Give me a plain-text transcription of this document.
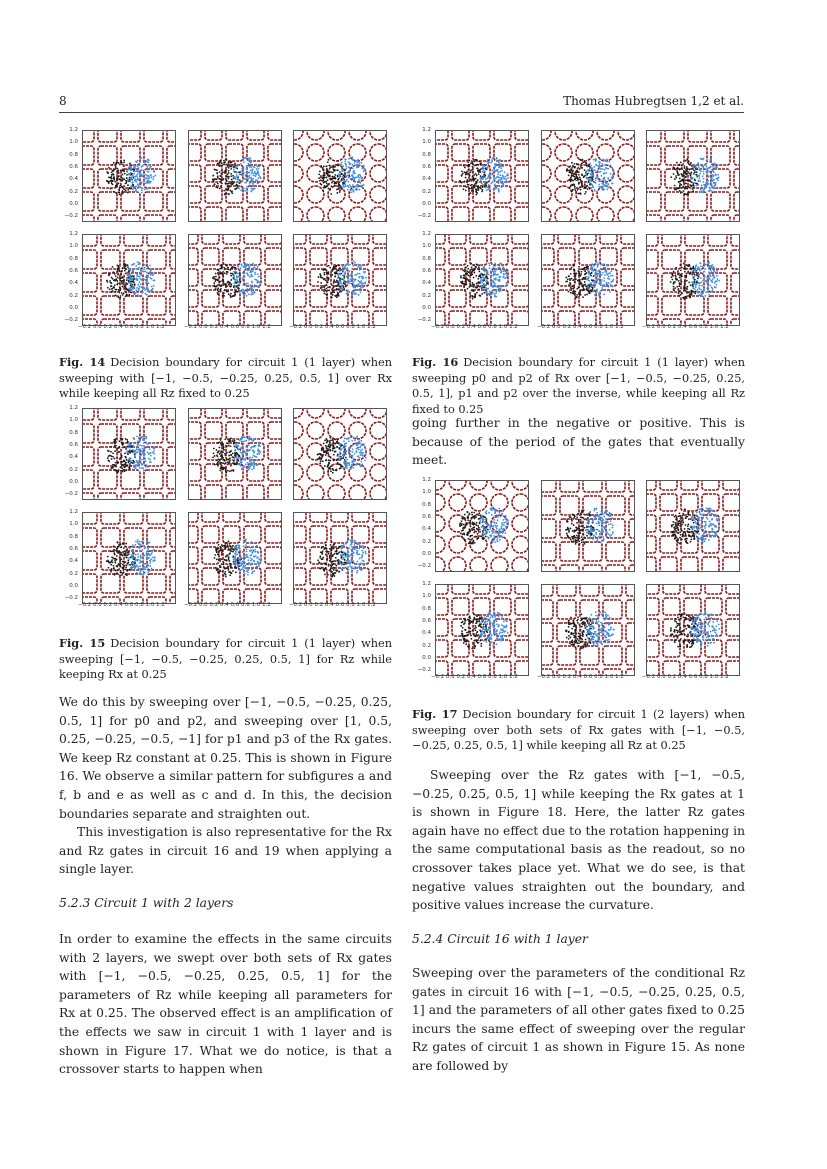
8	Thomas Hubregtsen 1,2 et al.
1.2
1.0
0.8
0.6
0.4
0.2
0.0
−0.2
1.2
1.0
0.8
0.6
0.4
0.2
0.0
−0.2
−0.2 0.0 0.2 0.4 0.6 0.8 1.0 1.2	−0.2 0.0 0.2 0.4 0.6 0.8 1.0 1.2	−0.2 0.0 0.2 0.4 0.6 0.8 1.0 1.2
1.2
1.0
0.8
0.6
0.4
0.2
0.0
−0.2
1.2
1.0
0.8
0.6
0.4
0.2
0.0
−0.2
−0.2 0.0 0.2 0.4 0.6 0.8 1.0 1.2	−0.2 0.0 0.2 0.4 0.6 0.8 1.0 1.2	−0.2 0.0 0.2 0.4 0.6 0.8 1.0 1.2
1.2
1.0
0.8
0.6
0.4
0.2
0.0
−0.2
1.2
1.0
0.8
0.6
0.4
0.2
0.0
−0.2
−0.2 0.0 0.2 0.4 0.6 0.8 1.0 1.2	−0.2 0.0 0.2 0.4 0.6 0.8 1.0 1.2	−0.2 0.0 0.2 0.4 0.6 0.8 1.0 1.2
1.2
1.0
0.8
0.6
0.4
0.2
0.0
−0.2
1.2
1.0
0.8
0.6
0.4
0.2
0.0
−0.2
−0.2 0.0 0.2 0.4 0.6 0.8 1.0 1.2	−0.2 0.0 0.2 0.4 0.6 0.8 1.0 1.2	−0.2 0.0 0.2 0.4 0.6 0.8 1.0 1.2
Fig. 14 Decision boundary for circuit 1 (1 layer) when sweeping with [−1, −0.5, −0.25, 0.25, 0.5, 1] over Rx while keeping all Rz fixed to 0.25
Fig. 16 Decision boundary for circuit 1 (1 layer) when sweeping p0 and p2 of Rx over [−1, −0.5, −0.25, 0.25, 0.5, 1], p1 and p2 over the inverse, while keeping all Rz fixed to 0.25
Fig. 15 Decision boundary for circuit 1 (1 layer) when sweeping [−1, −0.5, −0.25, 0.25, 0.5, 1] for Rz while keeping Rx at 0.25
Fig. 17 Decision boundary for circuit 1 (2 layers) when sweeping over both sets of Rx gates with [−1, −0.5, −0.25, 0.25, 0.5, 1] while keeping all Rz at 0.25

We do this by sweeping over [−1, −0.5, −0.25, 0.25, 0.5, 1] for p0 and p2, and sweeping over [1, 0.5, 0.25, −0.25, −0.5, −1] for p1 and p3 of the Rx gates. We keep Rz constant at 0.25. This is shown in Figure 16. We observe a similar pattern for subfigures a and f, b and e as well as c and d. In this, the decision boundaries separate and straighten out.

This investigation is also representative for the Rx and Rz gates in circuit 16 and 19 when applying a single layer.

5.2.3 Circuit 1 with 2 layers

In order to examine the effects in the same circuits with 2 layers, we swept over both sets of Rx gates with [−1, −0.5, −0.25, 0.25, 0.5, 1] for the parameters of Rz while keeping all parameters for Rx at 0.25. The observed effect is an amplification of the effects we saw in circuit 1 with 1 layer and is shown in Figure 17. What we do notice, is that a crossover starts to happen when

going further in the negative or positive. This is because of the period of the gates that eventually meet.

Sweeping over the Rz gates with [−1, −0.5, −0.25, 0.25, 0.5, 1] while keeping the Rx gates at 1 is shown in Figure 18. Here, the latter Rz gates again have no effect due to the rotation happening in the same computational basis as the readout, so no crossover takes place yet. What we do see, is that negative values straighten out the boundary, and positive values increase the curvature.

5.2.4 Circuit 16 with 1 layer

Sweeping over the parameters of the conditional Rz gates in circuit 16 with [−1, −0.5, −0.25, 0.25, 0.5, 1] and the parameters of all other gates fixed to 0.25 incurs the same effect of sweeping over the regular Rz gates of circuit 1 as shown in Figure 15. As none are followed by
